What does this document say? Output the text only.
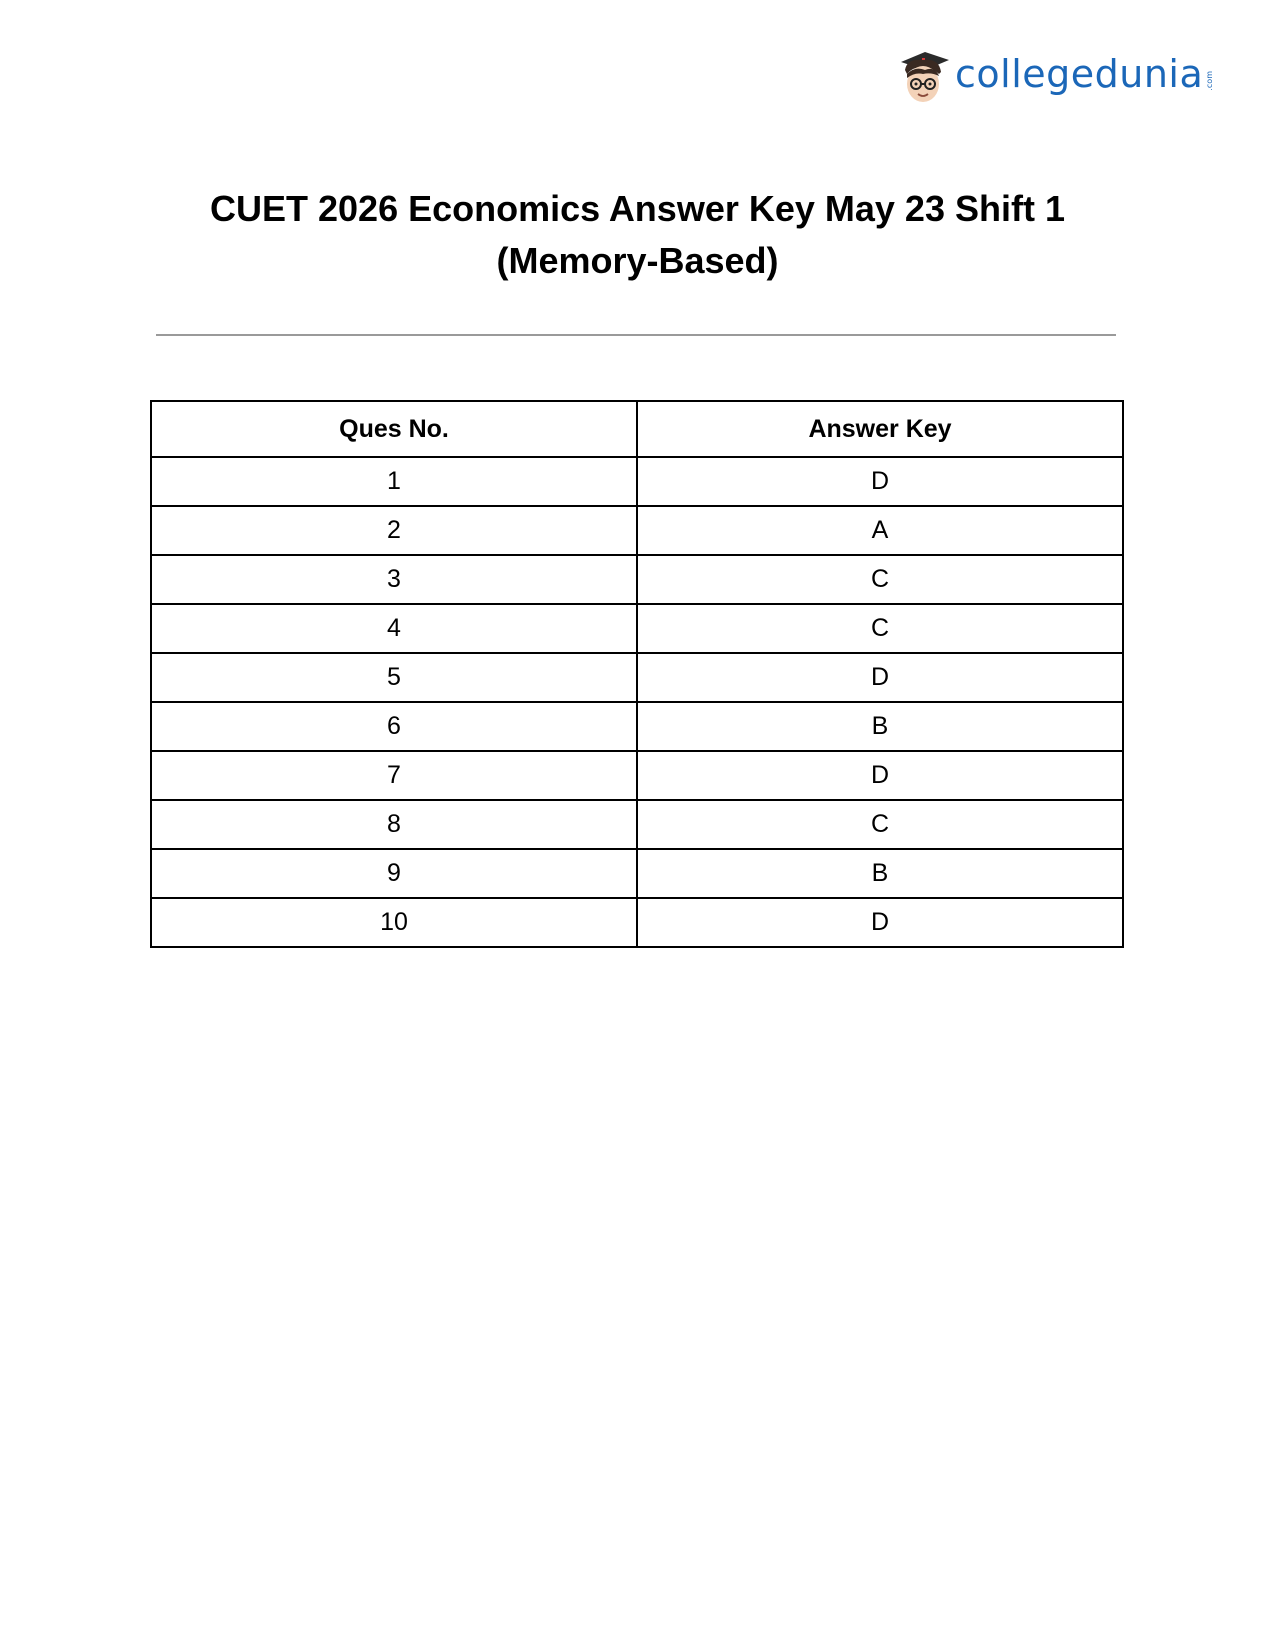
collegedunia .com
CUET 2026 Economics Answer Key May 23 Shift 1
(Memory-Based)
Ques No.	Answer Key
1	D
2	A
3	C
4	C
5	D
6	B
7	D
8	C
9	B
10	D
